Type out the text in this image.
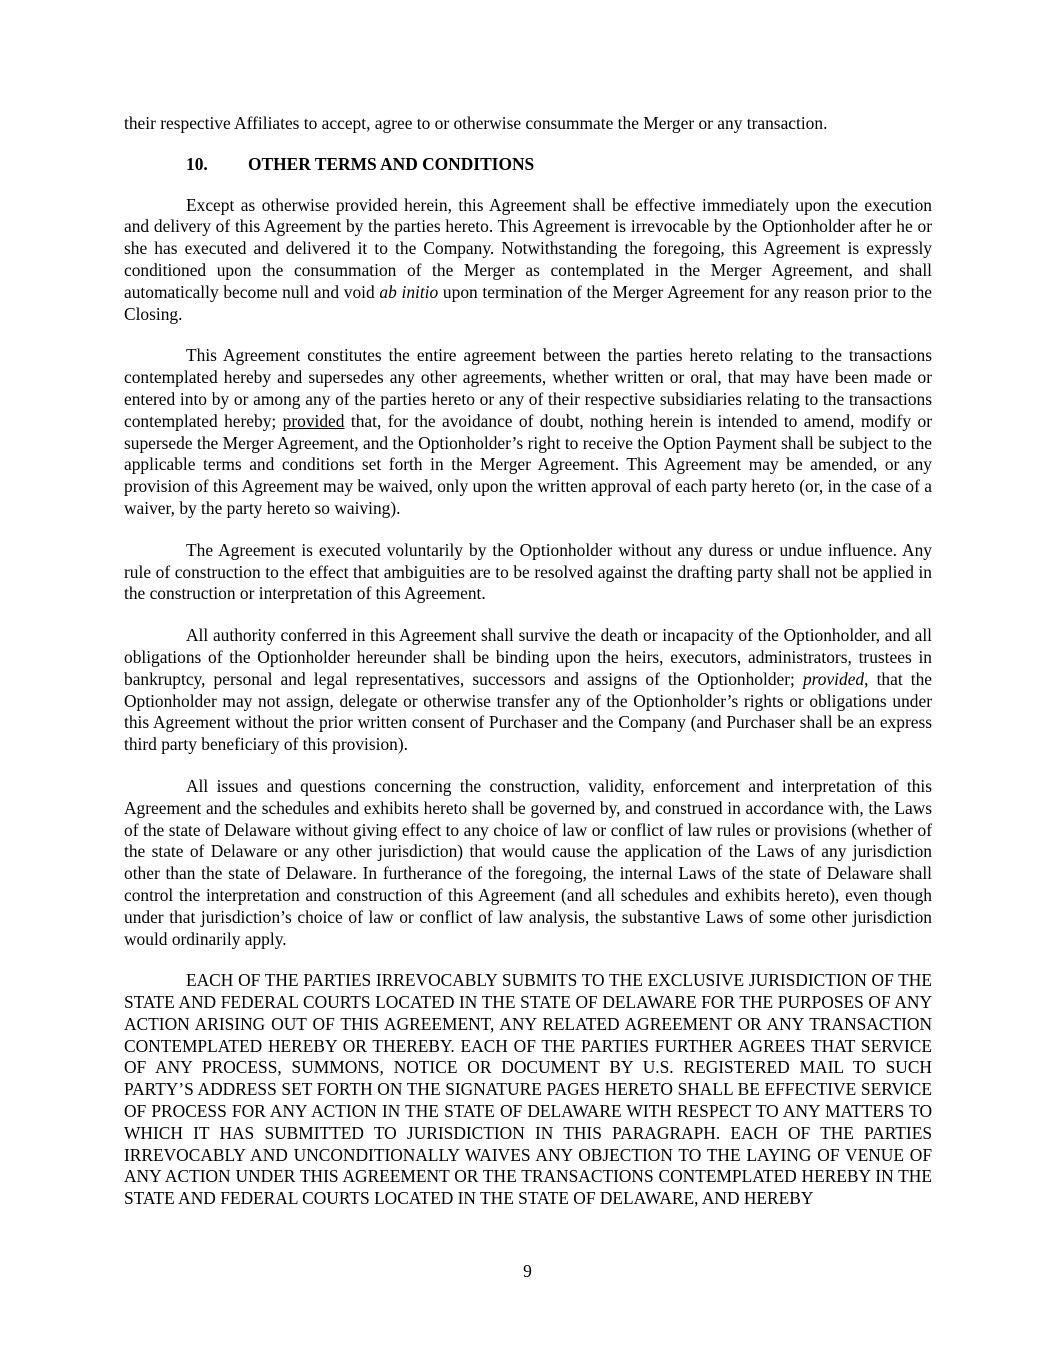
their respective Affiliates to accept, agree to or otherwise consummate the Merger or any transaction.

10. OTHER TERMS AND CONDITIONS

Except as otherwise provided herein, this Agreement shall be effective immediately upon the execution and delivery of this Agreement by the parties hereto. This Agreement is irrevocable by the Optionholder after he or she has executed and delivered it to the Company. Notwithstanding the foregoing, this Agreement is expressly conditioned upon the consummation of the Merger as contemplated in the Merger Agreement, and shall automatically become null and void ab initio upon termination of the Merger Agreement for any reason prior to the Closing.

This Agreement constitutes the entire agreement between the parties hereto relating to the transactions contemplated hereby and supersedes any other agreements, whether written or oral, that may have been made or entered into by or among any of the parties hereto or any of their respective subsidiaries relating to the transactions contemplated hereby; provided that, for the avoidance of doubt, nothing herein is intended to amend, modify or supersede the Merger Agreement, and the Optionholder’s right to receive the Option Payment shall be subject to the applicable terms and conditions set forth in the Merger Agreement. This Agreement may be amended, or any provision of this Agreement may be waived, only upon the written approval of each party hereto (or, in the case of a waiver, by the party hereto so waiving).

The Agreement is executed voluntarily by the Optionholder without any duress or undue influence. Any rule of construction to the effect that ambiguities are to be resolved against the drafting party shall not be applied in the construction or interpretation of this Agreement.

All authority conferred in this Agreement shall survive the death or incapacity of the Optionholder, and all obligations of the Optionholder hereunder shall be binding upon the heirs, executors, administrators, trustees in bankruptcy, personal and legal representatives, successors and assigns of the Optionholder; provided, that the Optionholder may not assign, delegate or otherwise transfer any of the Optionholder’s rights or obligations under this Agreement without the prior written consent of Purchaser and the Company (and Purchaser shall be an express third party beneficiary of this provision).

All issues and questions concerning the construction, validity, enforcement and interpretation of this Agreement and the schedules and exhibits hereto shall be governed by, and construed in accordance with, the Laws of the state of Delaware without giving effect to any choice of law or conflict of law rules or provisions (whether of the state of Delaware or any other jurisdiction) that would cause the application of the Laws of any jurisdiction other than the state of Delaware. In furtherance of the foregoing, the internal Laws of the state of Delaware shall control the interpretation and construction of this Agreement (and all schedules and exhibits hereto), even though under that jurisdiction’s choice of law or conflict of law analysis, the substantive Laws of some other jurisdiction would ordinarily apply.

EACH OF THE PARTIES IRREVOCABLY SUBMITS TO THE EXCLUSIVE JURISDICTION OF THE STATE AND FEDERAL COURTS LOCATED IN THE STATE OF DELAWARE FOR THE PURPOSES OF ANY ACTION ARISING OUT OF THIS AGREEMENT, ANY RELATED AGREEMENT OR ANY TRANSACTION CONTEMPLATED HEREBY OR THEREBY. EACH OF THE PARTIES FURTHER AGREES THAT SERVICE OF ANY PROCESS, SUMMONS, NOTICE OR DOCUMENT BY U.S. REGISTERED MAIL TO SUCH PARTY’S ADDRESS SET FORTH ON THE SIGNATURE PAGES HERETO SHALL BE EFFECTIVE SERVICE OF PROCESS FOR ANY ACTION IN THE STATE OF DELAWARE WITH RESPECT TO ANY MATTERS TO WHICH IT HAS SUBMITTED TO JURISDICTION IN THIS PARAGRAPH. EACH OF THE PARTIES IRREVOCABLY AND UNCONDITIONALLY WAIVES ANY OBJECTION TO THE LAYING OF VENUE OF ANY ACTION UNDER THIS AGREEMENT OR THE TRANSACTIONS CONTEMPLATED HEREBY IN THE STATE AND FEDERAL COURTS LOCATED IN THE STATE OF DELAWARE, AND HEREBY

9
